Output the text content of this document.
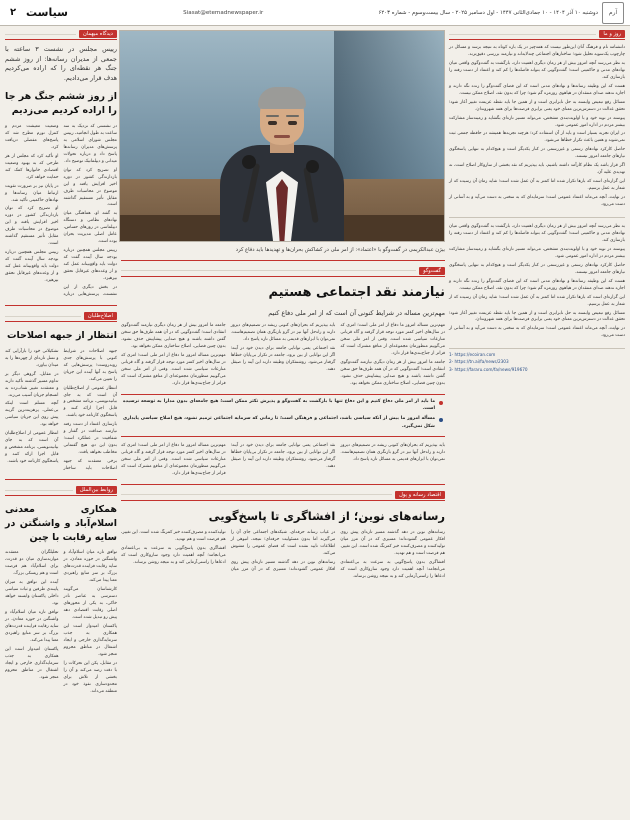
آرم
دوشنبه ۱۰ آذر ۱۴۰۴ - ۱۰ جمادی‌الثانی ۱۴۴۷ - اول دسامبر ۲۰۲۵ - سال بیست‌وسوم - شماره ۶۲۰۳
Siasat@etemadnewspaper.ir
سیاست
۲
روز و ما

دانشنامه نام و فرهنگ آنان این‌طور نیست که همه‌چیز در یک بازه کوتاه به نتیجه برسد و مسائل در چارچوب یک‌سویه تحلیل شود؛ ساختارهای اجتماعی چندلایه‌اند و نیازمند بررسی دقیق‌ترند.

به نظر می‌رسد آنچه امروز بیش از هر زمان دیگری اهمیت دارد، بازگشت به گفت‌وگوی واقعی میان نهادهای مدنی و حاکمیتی است؛ گفت‌وگویی که بتواند فاصله‌ها را کم کند و اعتماد از دست رفته را بازسازی کند.

هست که این وظیفه رسانه‌ها و نهادهای مدنی است که این فضای گفت‌وگو را زنده نگه دارند و اجازه ندهند صدای منتقدان در هیاهوی روزمره گم شود؛ چرا که بدون نقد، اصلاح ممکن نیست.

مسائل رفع تبعیض وابسته به حل نابرابری است و از همین جا باید نقطه عزیمت تغییر آغاز شود؛ تحقق عدالت در دسترس‌ترین معنای خود یعنی برابری فرصت‌ها برای همه شهروندان.

پیوسته در نوبه خود و با اولویت‌بندی مشخص، می‌تواند مسیر تازه‌ای بگشاید و زمینه‌ساز مشارکت بیشتر مردم در اداره امور عمومی شود.

در ایران تجربه بسیار است و باید از آن استفاده کرد؛ هرچند تجربه‌ها همیشه در حافظه جمعی ثبت نمی‌شوند و همین باعث تکرار خطاها می‌شود.

حاصل کارکرد نهادهای رسمی و غیررسمی در کنار یکدیگر است و هیچ‌کدام به تنهایی پاسخگوی نیازهای جامعه امروز نیستند.

اگر قرار باشد یک نظام کارآمد داشته باشیم، باید بپذیریم که نقد بخشی از سازوکار اصلاح است، نه تهدیدی علیه آن.

این گزاره‌ای است که بارها تکرار شده اما کمتر به آن عمل شده است؛ شاید زمان آن رسیده که از شعار به عمل برسیم.

در نهایت، آنچه می‌ماند اعتماد عمومی است؛ سرمایه‌ای که به سختی به دست می‌آید و به آسانی از دست می‌رود.

به نظر می‌رسد آنچه امروز بیش از هر زمان دیگری اهمیت دارد، بازگشت به گفت‌وگوی واقعی میان نهادهای مدنی و حاکمیتی است؛ گفت‌وگویی که بتواند فاصله‌ها را کم کند و اعتماد از دست رفته را بازسازی کند.

پیوسته در نوبه خود و با اولویت‌بندی مشخص، می‌تواند مسیر تازه‌ای بگشاید و زمینه‌ساز مشارکت بیشتر مردم در اداره امور عمومی شود.

حاصل کارکرد نهادهای رسمی و غیررسمی در کنار یکدیگر است و هیچ‌کدام به تنهایی پاسخگوی نیازهای جامعه امروز نیستند.

هست که این وظیفه رسانه‌ها و نهادهای مدنی است که این فضای گفت‌وگو را زنده نگه دارند و اجازه ندهند صدای منتقدان در هیاهوی روزمره گم شود؛ چرا که بدون نقد، اصلاح ممکن نیست.

این گزاره‌ای است که بارها تکرار شده اما کمتر به آن عمل شده است؛ شاید زمان آن رسیده که از شعار به عمل برسیم.

مسائل رفع تبعیض وابسته به حل نابرابری است و از همین جا باید نقطه عزیمت تغییر آغاز شود؛ تحقق عدالت در دسترس‌ترین معنای خود یعنی برابری فرصت‌ها برای همه شهروندان.

در نهایت، آنچه می‌ماند اعتماد عمومی است؛ سرمایه‌ای که به سختی به دست می‌آید و به آسانی از دست می‌رود.

1- https://ecoiran.com
2- https://tn.ai/fa/news/2303
3- https://fararu.com/fa/news/919670
بیژن عبدالکریمی در گفت‌وگو با «اعتماد»: از امر ملی در کشاکش بحران‌ها و تهدیدها باید دفاع کرد
گفت‌وگو
نیازمند نقد اجتماعی هستیم
مهم‌ترین مساله در شرایط کنونی آن است که از امر ملی دفاع کنیم

مهم‌ترین مساله امروز ما دفاع از امر ملی است؛ امری که در سال‌های اخیر کمتر مورد توجه قرار گرفته و گاه قربانی منازعات سیاسی شده است. وقتی از امر ملی سخن می‌گوییم منظورمان مجموعه‌ای از منافع مشترک است که فراتر از جناح‌بندی‌ها قرار دارد.

جامعه ما امروز بیش از هر زمان دیگری نیازمند گفت‌وگوی انتقادی است؛ گفت‌وگویی که در آن همه طرف‌ها حق سخن گفتن داشته باشند و هیچ صدایی پیشاپیش حذف نشود. بدون چنین فضایی، اصلاح ساختاری ممکن نخواهد بود.

باید بپذیریم که بحران‌های کنونی ریشه در تصمیم‌های دیروز دارند و راه‌حل آنها نیز در گرو بازنگری همان تصمیم‌هاست. نمی‌توان با ابزارهای قدیمی به مسائل تازه پاسخ داد.

نقد اجتماعی یعنی توانایی جامعه برای دیدن خود در آینه؛ اگر این توانایی از بین برود، جامعه در تکرار بی‌پایان خطاها گرفتار می‌شود. روشنفکران وظیفه دارند این آینه را صیقل دهند.

جامعه ما امروز بیش از هر زمان دیگری نیازمند گفت‌وگوی انتقادی است؛ گفت‌وگویی که در آن همه طرف‌ها حق سخن گفتن داشته باشند و هیچ صدایی پیشاپیش حذف نشود. بدون چنین فضایی، اصلاح ساختاری ممکن نخواهد بود.

مهم‌ترین مساله امروز ما دفاع از امر ملی است؛ امری که در سال‌های اخیر کمتر مورد توجه قرار گرفته و گاه قربانی منازعات سیاسی شده است. وقتی از امر ملی سخن می‌گوییم منظورمان مجموعه‌ای از منافع مشترک است که فراتر از جناح‌بندی‌ها قرار دارد.

ما باید از امر ملی دفاع کنیم و این دفاع تنها با بازگشت به گفت‌وگو و پذیرش تکثر ممکن است؛ هیچ جامعه‌ای بدون مدارا به توسعه نرسیده است.
مسأله امروز ما بیش از آنکه سیاسی باشد، اجتماعی و فرهنگی است؛ تا زمانی که سرمایه اجتماعی ترمیم نشود، هیچ اصلاح سیاسی پایداری شکل نمی‌گیرد.

باید بپذیریم که بحران‌های کنونی ریشه در تصمیم‌های دیروز دارند و راه‌حل آنها نیز در گرو بازنگری همان تصمیم‌هاست. نمی‌توان با ابزارهای قدیمی به مسائل تازه پاسخ داد.

نقد اجتماعی یعنی توانایی جامعه برای دیدن خود در آینه؛ اگر این توانایی از بین برود، جامعه در تکرار بی‌پایان خطاها گرفتار می‌شود. روشنفکران وظیفه دارند این آینه را صیقل دهند.

مهم‌ترین مساله امروز ما دفاع از امر ملی است؛ امری که در سال‌های اخیر کمتر مورد توجه قرار گرفته و گاه قربانی منازعات سیاسی شده است. وقتی از امر ملی سخن می‌گوییم منظورمان مجموعه‌ای از منافع مشترک است که فراتر از جناح‌بندی‌ها قرار دارد.

اقتصاد رسانه و پول
رسانه‌های نوین؛ از افشاگری تا پاسخ‌گویی

رسانه‌های نوین در دهه گذشته مسیر تازه‌ای پیش روی افکار عمومی گشوده‌اند؛ مسیری که در آن مرز میان تولیدکننده و مصرف‌کننده خبر کمرنگ شده است. این تغییر، هم فرصت است و هم تهدید.

افشاگری بدون پاسخ‌گویی به سرعت به بی‌اعتمادی می‌انجامد؛ آنچه اهمیت دارد وجود سازوکاری است که ادعاها را راستی‌آزمایی کند و به نتیجه روشن برساند.

در غیاب رسانه حرفه‌ای، شبکه‌های اجتماعی جای آن را می‌گیرند اما بدون مسئولیت حرفه‌ای؛ نتیجه، انبوهی از اطلاعات تایید نشده است که فضای عمومی را مشوش می‌کند.

رسانه‌های نوین در دهه گذشته مسیر تازه‌ای پیش روی افکار عمومی گشوده‌اند؛ مسیری که در آن مرز میان تولیدکننده و مصرف‌کننده خبر کمرنگ شده است. این تغییر، هم فرصت است و هم تهدید.

افشاگری بدون پاسخ‌گویی به سرعت به بی‌اعتمادی می‌انجامد؛ آنچه اهمیت دارد وجود سازوکاری است که ادعاها را راستی‌آزمایی کند و به نتیجه روشن برساند.

دیدگاه میهمان
رییس مجلس در نشست ۳ ساعته با جمعی از مدیران رسانه‌ها: از روز ششم جنگ هر نقطه‌ای را که اراده می‌کردیم هدف قرار می‌دادیم.
از روز ششم جنگ هر جا را اراده کردیم می‌زدیم

در نشستی که نزدیک به سه ساعت به طول انجامید، رییس مجلس شورای اسلامی به پرسش‌های مدیران رسانه‌ها پاسخ داد و درباره تحولات میدانی و دیپلماتیک توضیح داد.

او تصریح کرد که توان بازدارندگی کشور در دوره اخیر افزایش یافته و این موضوع در محاسبات طرف مقابل تأثیر مستقیم گذاشته است.

به گفته او، هماهنگی میان نهادهای نظامی و دستگاه دیپلماسی در روزهای حساس، عامل اصلی مدیریت بحران بوده است.

رییس مجلس همچنین درباره بودجه سال آینده گفت که دولت باید واقع‌بینانه عمل کند و از وعده‌های غیرقابل تحقق بپرهیزد.

در بخش دیگری از این نشست، پرسش‌هایی درباره وضعیت معیشت مردم و کنترل تورم مطرح شد که پاسخ‌های مفصلی دریافت کرد.

او تأکید کرد که مجلس از هر طرحی که به بهبود وضعیت اقتصادی خانوارها کمک کند حمایت خواهد کرد.

در پایان نیز بر ضرورت تقویت ارتباط میان رسانه‌ها و نهادهای حاکمیتی تأکید شد.

او تصریح کرد که توان بازدارندگی کشور در دوره اخیر افزایش یافته و این موضوع در محاسبات طرف مقابل تأثیر مستقیم گذاشته است.

رییس مجلس همچنین درباره بودجه سال آینده گفت که دولت باید واقع‌بینانه عمل کند و از وعده‌های غیرقابل تحقق بپرهیزد.

اصلاح‌طلبان
انتظار از جبهه اصلاحات

جبهه اصلاحات در شرایط کنونی با پرسش‌های جدی روبه‌روست؛ پرسش‌هایی که پاسخ به آنها آینده این جریان را تعیین می‌کند.

انتظار عمومی از اصلاح‌طلبان آن است که به جای بیانیه‌نویسی، برنامه مشخص و قابل اجرا ارائه کنند و پاسخگوی کارنامه خود باشند.

بازسازی اعتماد از دست رفته نیازمند صداقت در گفتار و شفافیت در عملکرد است؛ بدون این دو، هیچ گفتمانی مخاطب نخواهد یافت.

برخی معتقدند که جبهه اصلاحات باید ساختار تشکیلاتی خود را بازآرایی کند و نسل تازه‌ای از چهره‌ها را به میدان بیاورد.

در مقابل، گروهی دیگر بر تداوم مسیر گذشته تأکید دارند و معتقدند تغییر شتاب‌زده به انسجام جریان آسیب می‌زند.

آنچه مسلم است اینکه بی‌عملی، پرهزینه‌ترین گزینه پیش روی این جریان سیاسی خواهد بود.

انتظار عمومی از اصلاح‌طلبان آن است که به جای بیانیه‌نویسی، برنامه مشخص و قابل اجرا ارائه کنند و پاسخگوی کارنامه خود باشند.

روابط بین‌الملل
همکاری معدنی اسلام‌آباد و واشنگتن در سایه رقابت با چین

توافق تازه میان اسلام‌آباد و واشنگتن در حوزه معادن، در سایه رقابت فزاینده قدرت‌های بزرگ بر سر منابع راهبردی معنا پیدا می‌کند.

کارشناسان می‌گویند دسترسی به عناصر نادر خاکی، به یکی از محورهای اصلی رقابت اقتصادی دهه پیش رو تبدیل شده است.

پاکستان امیدوار است این همکاری به جذب سرمایه‌گذاری خارجی و ایجاد اشتغال در مناطق محروم منجر شود.

در مقابل، پکن این تحرکات را با دقت رصد می‌کند و آن را بخشی از تلاش برای محدودسازی نفوذ خود در منطقه می‌داند.

تحلیلگران معتقدند موازنه‌سازی میان دو قدرت، برای اسلام‌آباد هم فرصت است و هم ریسکی بزرگ.

آینده این توافق به میزان پایبندی طرفین و ثبات سیاسی داخلی پاکستان وابسته خواهد بود.

توافق تازه میان اسلام‌آباد و واشنگتن در حوزه معادن، در سایه رقابت فزاینده قدرت‌های بزرگ بر سر منابع راهبردی معنا پیدا می‌کند.

پاکستان امیدوار است این همکاری به جذب سرمایه‌گذاری خارجی و ایجاد اشتغال در مناطق محروم منجر شود.
